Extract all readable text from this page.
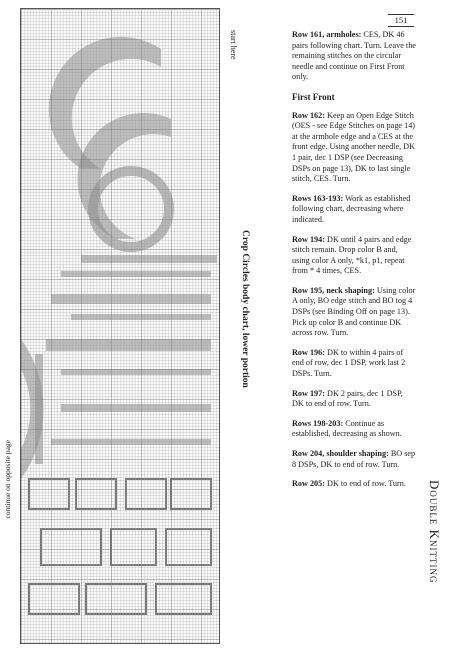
151
start here
Crop Circles body chart, lower portion
continue on opposite page
Double Knitting
Row 161, armholes: CES, DK 46 pairs following chart. Turn. Leave the remaining stitches on the circular needle and continue on First Front only.
First Front
Row 162: Keep an Open Edge Stitch (OES - see Edge Stitches on page 14) at the armhole edge and a CES at the front edge. Using another needle, DK 1 pair, dec 1 DSP (see Decreasing DSPs on page 13), DK to last single stitch, CES. Turn.
Rows 163-193: Work as established following chart, decreasing where indicated.
Row 194: DK until 4 pairs and edge stitch remain. Drop color B and, using color A only, *k1, p1, repeat from * 4 times, CES.
Row 195, neck shaping: Using color A only, BO edge stitch and BO tog 4 DSPs (see Binding Off on page 13). Pick up color B and continue DK across row. Turn.
Row 196: DK to within 4 pairs of end of row, dec 1 DSP, work last 2 DSPs. Turn.
Row 197: DK 2 pairs, dec 1 DSP, DK to end of row. Turn.
Rows 198-203: Continue as established, decreasing as shown.
Row 204, shoulder shaping: BO sep 8 DSPs, DK to end of row. Turn.
Row 205: DK to end of row. Turn.
